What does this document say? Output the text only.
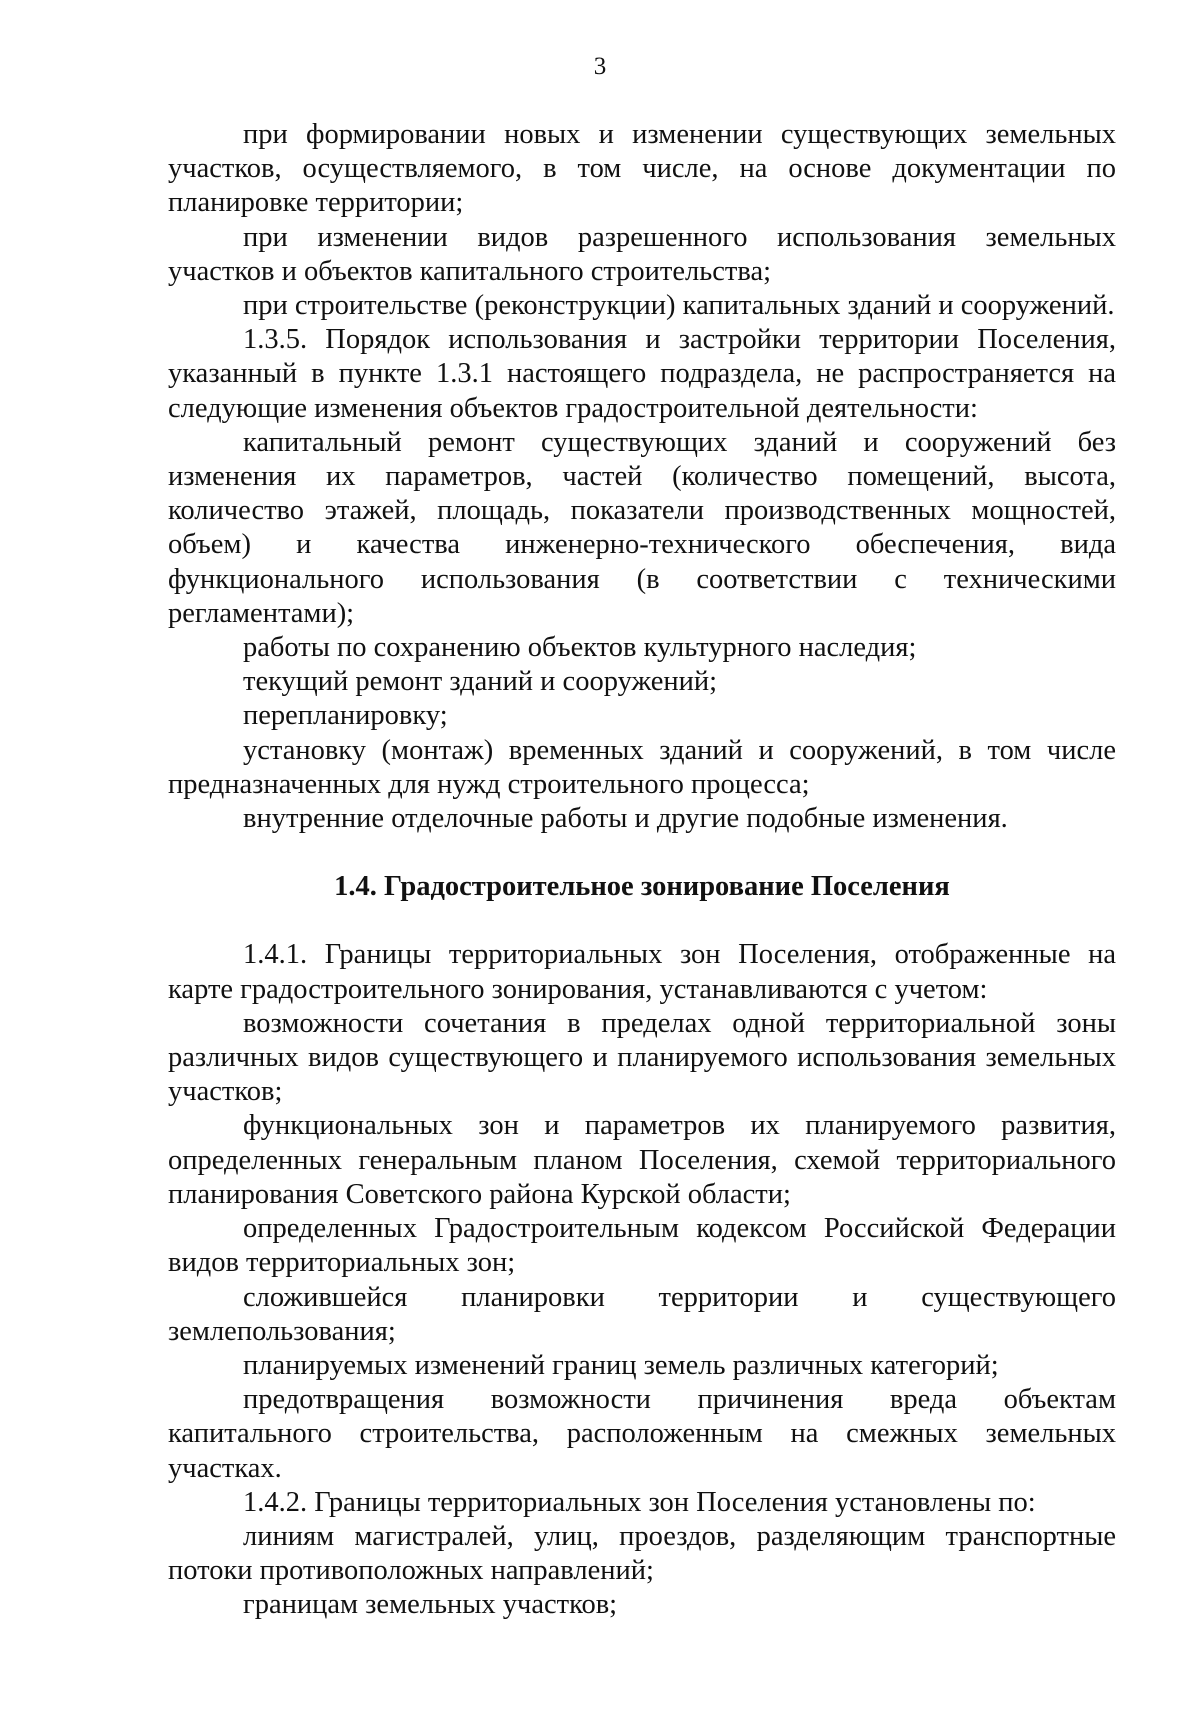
3

при формировании новых и изменении существующих земельных участков, осуществляемого, в том числе, на основе документации по планировке территории;

при изменении видов разрешенного использования земельных участков и объектов капитального строительства;

при строительстве (реконструкции) капитальных зданий и сооружений.

1.3.5. Порядок использования и застройки территории Поселения, указанный в пункте 1.3.1 настоящего подраздела, не распространяется на следующие изменения объектов градостроительной деятельности:

капитальный ремонт существующих зданий и сооружений без изменения их параметров, частей (количество помещений, высота, количество этажей, площадь, показатели производственных мощностей, объем) и качества инженерно-технического обеспечения, вида функционального использования (в соответствии с техническими регламентами);

работы по сохранению объектов культурного наследия;

текущий ремонт зданий и сооружений;

перепланировку;

установку (монтаж) временных зданий и сооружений, в том числе предназначенных для нужд строительного процесса;

внутренние отделочные работы и другие подобные изменения.

1.4. Градостроительное зонирование Поселения

1.4.1. Границы территориальных зон Поселения, отображенные на карте градостроительного зонирования, устанавливаются с учетом:

возможности сочетания в пределах одной территориальной зоны различных видов существующего и планируемого использования земельных участков;

функциональных зон и параметров их планируемого развития, определенных генеральным планом Поселения, схемой территориального планирования Советского района Курской области;

определенных Градостроительным кодексом Российской Федерации видов территориальных зон;

сложившейся планировки территории и существующего землепользования;

планируемых изменений границ земель различных категорий;

предотвращения возможности причинения вреда объектам капитального строительства, расположенным на смежных земельных участках.

1.4.2. Границы территориальных зон Поселения установлены по:

линиям магистралей, улиц, проездов, разделяющим транспортные потоки противоположных направлений;

границам земельных участков;
